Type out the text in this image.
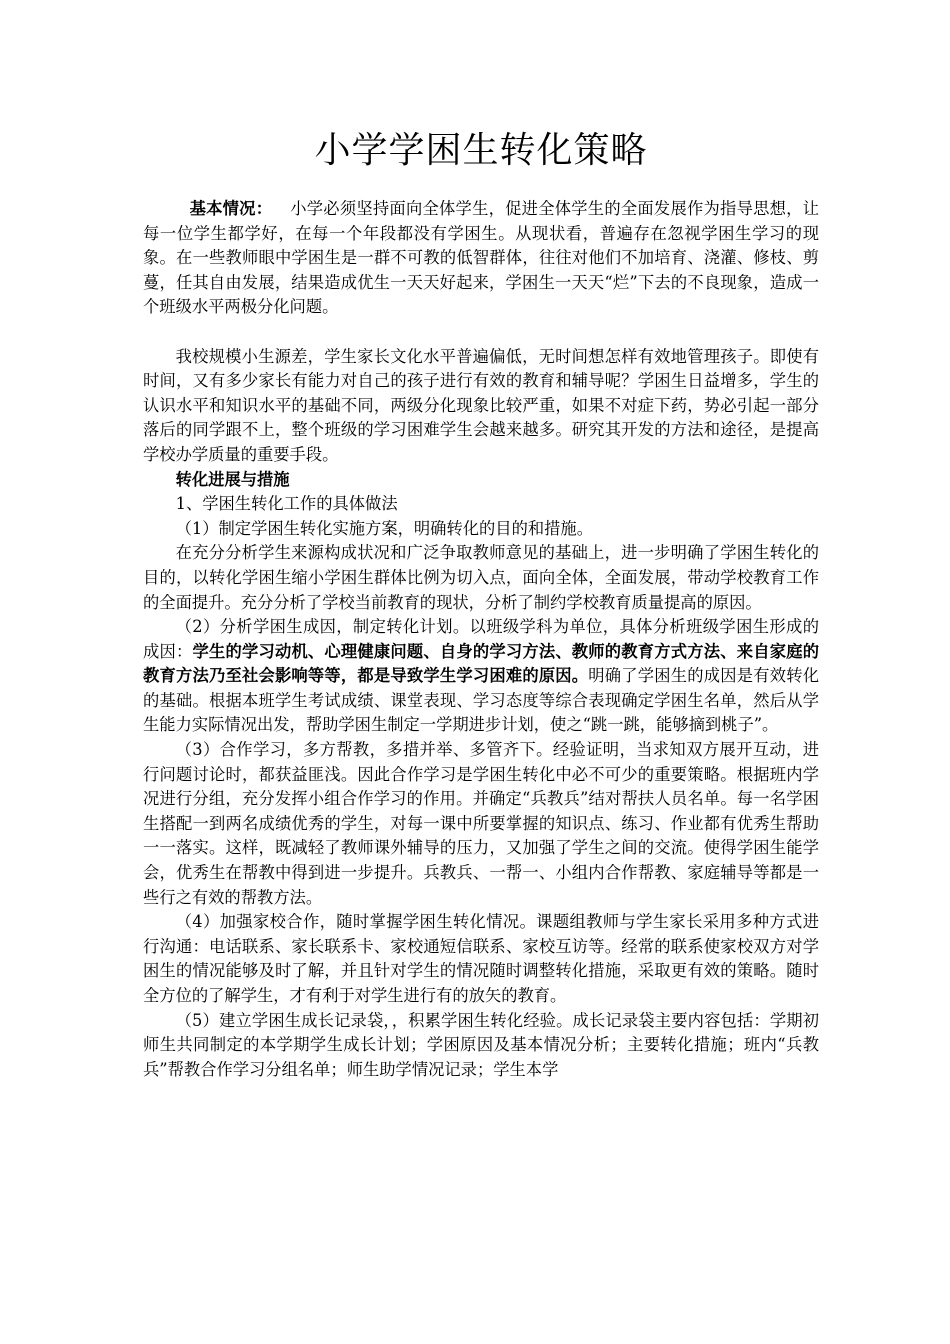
小学学困生转化策略

基本情况： 小学必须坚持面向全体学生，促进全体学生的全面发展作为指导思想，让每一位学生都学好，在每一个年段都没有学困生。从现状看，普遍存在忽视学困生学习的现象。在一些教师眼中学困生是一群不可教的低智群体，往往对他们不加培育、浇灌、修枝、剪蔓，任其自由发展，结果造成优生一天天好起来，学困生一天天“烂”下去的不良现象，造成一个班级水平两极分化问题。

我校规模小生源差，学生家长文化水平普遍偏低，无时间想怎样有效地管理孩子。即使有时间，又有多少家长有能力对自己的孩子进行有效的教育和辅导呢？学困生日益增多，学生的认识水平和知识水平的基础不同，两级分化现象比较严重，如果不对症下药，势必引起一部分落后的同学跟不上，整个班级的学习困难学生会越来越多。研究其开发的方法和途径，是提高学校办学质量的重要手段。

转化进展与措施

1、学困生转化工作的具体做法

（1）制定学困生转化实施方案，明确转化的目的和措施。

在充分分析学生来源构成状况和广泛争取教师意见的基础上，进一步明确了学困生转化的目的，以转化学困生缩小学困生群体比例为切入点，面向全体，全面发展，带动学校教育工作的全面提升。充分分析了学校当前教育的现状，分析了制约学校教育质量提高的原因。

（2）分析学困生成因，制定转化计划。以班级学科为单位，具体分析班级学困生形成的成因：学生的学习动机、心理健康问题、自身的学习方法、教师的教育方式方法、来自家庭的教育方法乃至社会影响等等，都是导致学生学习困难的原因。明确了学困生的成因是有效转化的基础。根据本班学生考试成绩、课堂表现、学习态度等综合表现确定学困生名单，然后从学生能力实际情况出发，帮助学困生制定一学期进步计划，使之“跳一跳，能够摘到桃子”。

（3）合作学习，多方帮教，多措并举、多管齐下。经验证明，当求知双方展开互动，进行问题讨论时，都获益匪浅。因此合作学习是学困生转化中必不可少的重要策略。根据班内学况进行分组，充分发挥小组合作学习的作用。并确定“兵教兵”结对帮扶人员名单。每一名学困生搭配一到两名成绩优秀的学生，对每一课中所要掌握的知识点、练习、作业都有优秀生帮助一一落实。这样，既减轻了教师课外辅导的压力，又加强了学生之间的交流。使得学困生能学会，优秀生在帮教中得到进一步提升。兵教兵、一帮一、小组内合作帮教、家庭辅导等都是一些行之有效的帮教方法。

（4）加强家校合作，随时掌握学困生转化情况。课题组教师与学生家长采用多种方式进行沟通：电话联系、家长联系卡、家校通短信联系、家校互访等。经常的联系使家校双方对学困生的情况能够及时了解，并且针对学生的情况随时调整转化措施，采取更有效的策略。随时全方位的了解学生，才有利于对学生进行有的放矢的教育。

（5）建立学困生成长记录袋，，积累学困生转化经验。成长记录袋主要内容包括：学期初师生共同制定的本学期学生成长计划；学困原因及基本情况分析；主要转化措施；班内“兵教兵”帮教合作学习分组名单；师生助学情况记录；学生本学
